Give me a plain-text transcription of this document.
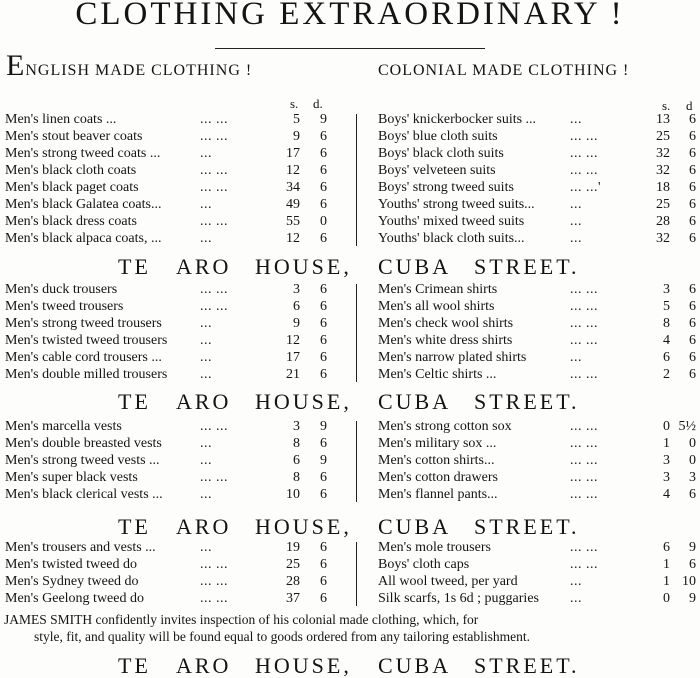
CLOTHING EXTRAORDINARY !
ENGLISH MADE CLOTHING !	COLONIAL MADE CLOTHING !
s. d.	s. d
Men's linen coats ...	... ...	5	9
Men's stout beaver coats	... ...	9	6
Men's strong tweed coats ...	...	17	6
Men's black cloth coats	... ...	12	6
Men's black paget coats	... ...	34	6
Men's black Galatea coats...	...	49	6
Men's black dress coats	... ...	55	0
Men's black alpaca coats, ...	...	12	6
Boys' knickerbocker suits ... ...	13	6
Boys' blue cloth suits	... ...	25	6
Boys' black cloth suits	... ...	32	6
Boys' velveteen suits	... ...	32	6
Boys' strong tweed suits	... ...'	18	6
Youths' strong tweed suits...	...	25	6
Youths' mixed tweed suits	...	28	6
Youths' black cloth suits...	...	32	6
Men's duck trousers	... ...	3	6
Men's tweed trousers	... ...	6	6
Men's strong tweed trousers	...	9	6
Men's twisted tweed trousers ...	12	6
Men's cable cord trousers ...	...	17	6
Men's double milled trousers ...	21	6
Men's Crimean shirts	... ...	3	6
Men's all wool shirts	... ...	5	6
Men's check wool shirts	... ...	8	6
Men's white dress shirts	... ...	4	6
Men's narrow plated shirts	...	6	6
Men's Celtic shirts ...	... ...	2	6
Men's marcella vests	... ...	3	9
Men's double breasted vests	...	8	6
Men's strong tweed vests ...	...	6	9
Men's super black vests	... ...	8	6
Men's black clerical vests ...	...	10	6
Men's strong cotton sox	... ...	0 5½
Men's military sox ...	... ...	1	0
Men's cotton shirts...	... ...	3	0
Men's cotton drawers	... ...	3	3
Men's flannel pants...	... ...	4	6
Men's trousers and vests ...	...	19	6
Men's twisted tweed do	... ...	25	6
Men's Sydney tweed do	... ...	28	6
Men's Geelong tweed do	... ...	37	6
Men's mole trousers	... ...	6	9
Boys' cloth caps	... ...	1	6
All wool tweed, per yard	...	1 10
Silk scarfs, 1s 6d ; puggaries ...	0	9
TE ARO HOUSE, CUBA STREET.
TE ARO HOUSE, CUBA STREET.
TE ARO HOUSE, CUBA STREET.
TE ARO HOUSE, CUBA STREET.

JAMES SMITH confidently invites inspection of his colonial made clothing, which, for

style, fit, and quality will be found equal to goods ordered from any tailoring establishment.
